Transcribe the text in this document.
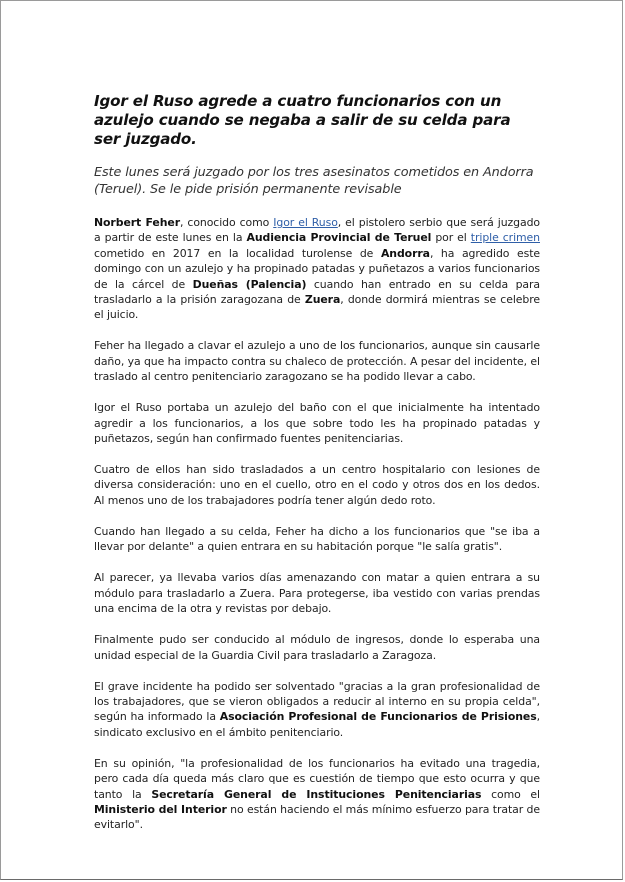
Igor el Ruso agrede a cuatro funcionarios con un azulejo cuando se negaba a salir de su celda para ser juzgado.

Este lunes será juzgado por los tres asesinatos cometidos en Andorra (Teruel). Se le pide prisión permanente revisable

Norbert Feher, conocido como Igor el Ruso, el pistolero serbio que será juzgado a partir de este lunes en la Audiencia Provincial de Teruel por el triple crimen cometido en 2017 en la localidad turolense de Andorra, ha agredido este domingo con un azulejo y ha propinado patadas y puñetazos a varios funcionarios de la cárcel de Dueñas (Palencia) cuando han entrado en su celda para trasladarlo a la prisión zaragozana de Zuera, donde dormirá mientras se celebre el juicio.

Feher ha llegado a clavar el azulejo a uno de los funcionarios, aunque sin causarle daño, ya que ha impacto contra su chaleco de protección. A pesar del incidente, el traslado al centro penitenciario zaragozano se ha podido llevar a cabo.

Igor el Ruso portaba un azulejo del baño con el que inicialmente ha intentado agredir a los funcionarios, a los que sobre todo les ha propinado patadas y puñetazos, según han confirmado fuentes penitenciarias.

Cuatro de ellos han sido trasladados a un centro hospitalario con lesiones de diversa consideración: uno en el cuello, otro en el codo y otros dos en los dedos. Al menos uno de los trabajadores podría tener algún dedo roto.

Cuando han llegado a su celda, Feher ha dicho a los funcionarios que "se iba a llevar por delante" a quien entrara en su habitación porque "le salía gratis".

Al parecer, ya llevaba varios días amenazando con matar a quien entrara a su módulo para trasladarlo a Zuera. Para protegerse, iba vestido con varias prendas una encima de la otra y revistas por debajo.

Finalmente pudo ser conducido al módulo de ingresos, donde lo esperaba una unidad especial de la Guardia Civil para trasladarlo a Zaragoza.

El grave incidente ha podido ser solventado "gracias a la gran profesionalidad de los trabajadores, que se vieron obligados a reducir al interno en su propia celda", según ha informado la Asociación Profesional de Funcionarios de Prisiones, sindicato exclusivo en el ámbito penitenciario.

En su opinión, "la profesionalidad de los funcionarios ha evitado una tragedia, pero cada día queda más claro que es cuestión de tiempo que esto ocurra y que tanto la Secretaría General de Instituciones Penitenciarias como el Ministerio del Interior no están haciendo el más mínimo esfuerzo para tratar de evitarlo".
